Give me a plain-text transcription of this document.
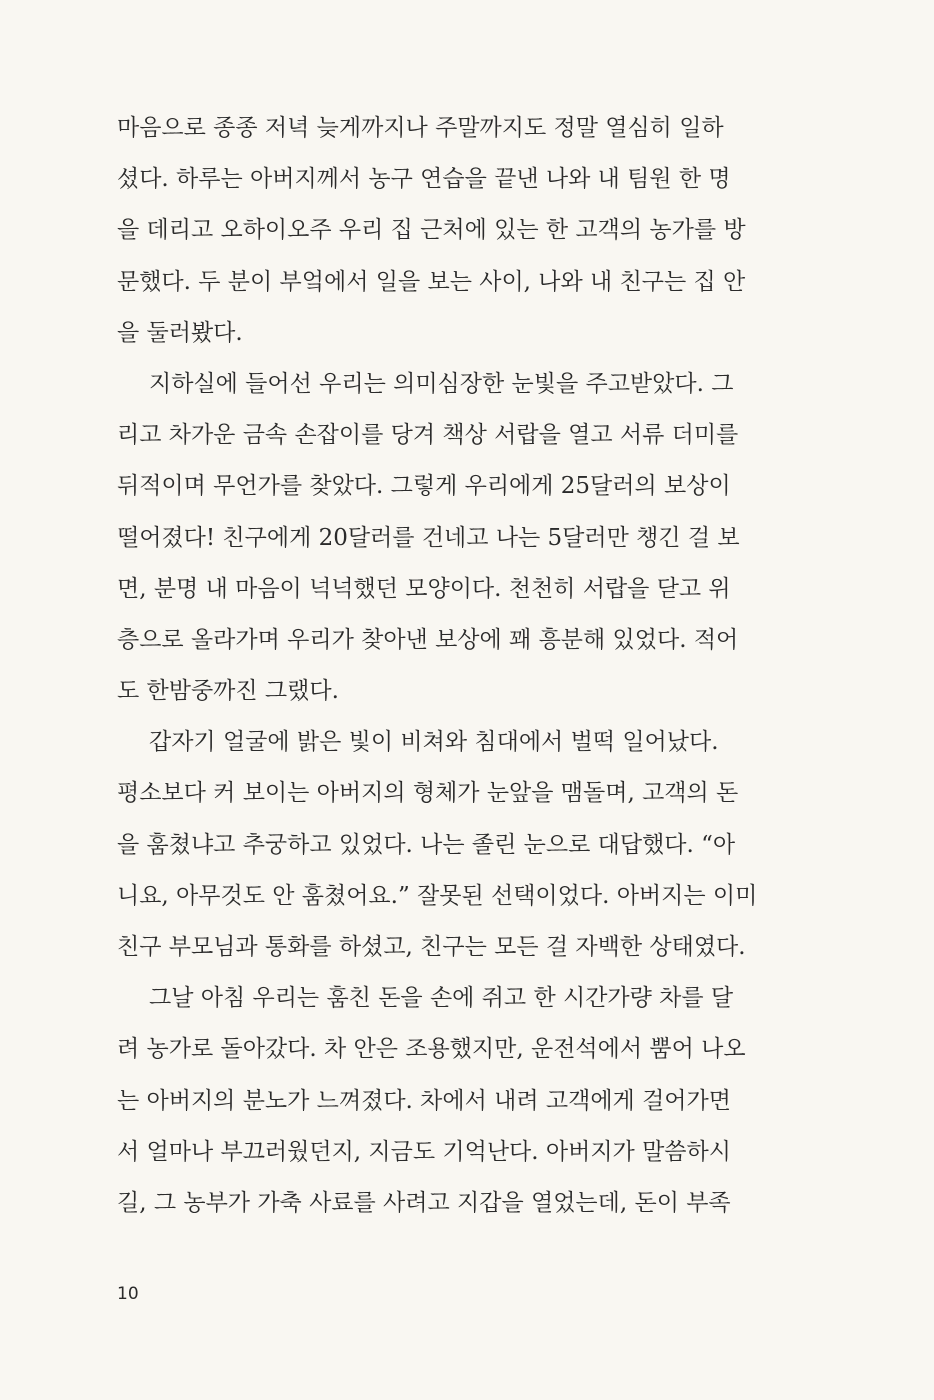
마음으로 종종 저녁 늦게까지나 주말까지도 정말 열심히 일하
셨다. 하루는 아버지께서 농구 연습을 끝낸 나와 내 팀원 한 명
을 데리고 오하이오주 우리 집 근처에 있는 한 고객의 농가를 방
문했다. 두 분이 부엌에서 일을 보는 사이, 나와 내 친구는 집 안
을 둘러봤다.
지하실에 들어선 우리는 의미심장한 눈빛을 주고받았다. 그
리고 차가운 금속 손잡이를 당겨 책상 서랍을 열고 서류 더미를
뒤적이며 무언가를 찾았다. 그렇게 우리에게 25달러의 보상이
떨어졌다! 친구에게 20달러를 건네고 나는 5달러만 챙긴 걸 보
면, 분명 내 마음이 넉넉했던 모양이다. 천천히 서랍을 닫고 위
층으로 올라가며 우리가 찾아낸 보상에 꽤 흥분해 있었다. 적어
도 한밤중까진 그랬다.
갑자기 얼굴에 밝은 빛이 비쳐와 침대에서 벌떡 일어났다.
평소보다 커 보이는 아버지의 형체가 눈앞을 맴돌며, 고객의 돈
을 훔쳤냐고 추궁하고 있었다. 나는 졸린 눈으로 대답했다. “아
니요, 아무것도 안 훔쳤어요.” 잘못된 선택이었다. 아버지는 이미
친구 부모님과 통화를 하셨고, 친구는 모든 걸 자백한 상태였다.
그날 아침 우리는 훔친 돈을 손에 쥐고 한 시간가량 차를 달
려 농가로 돌아갔다. 차 안은 조용했지만, 운전석에서 뿜어 나오
는 아버지의 분노가 느껴졌다. 차에서 내려 고객에게 걸어가면
서 얼마나 부끄러웠던지, 지금도 기억난다. 아버지가 말씀하시
길, 그 농부가 가축 사료를 사려고 지갑을 열었는데, 돈이 부족
10
